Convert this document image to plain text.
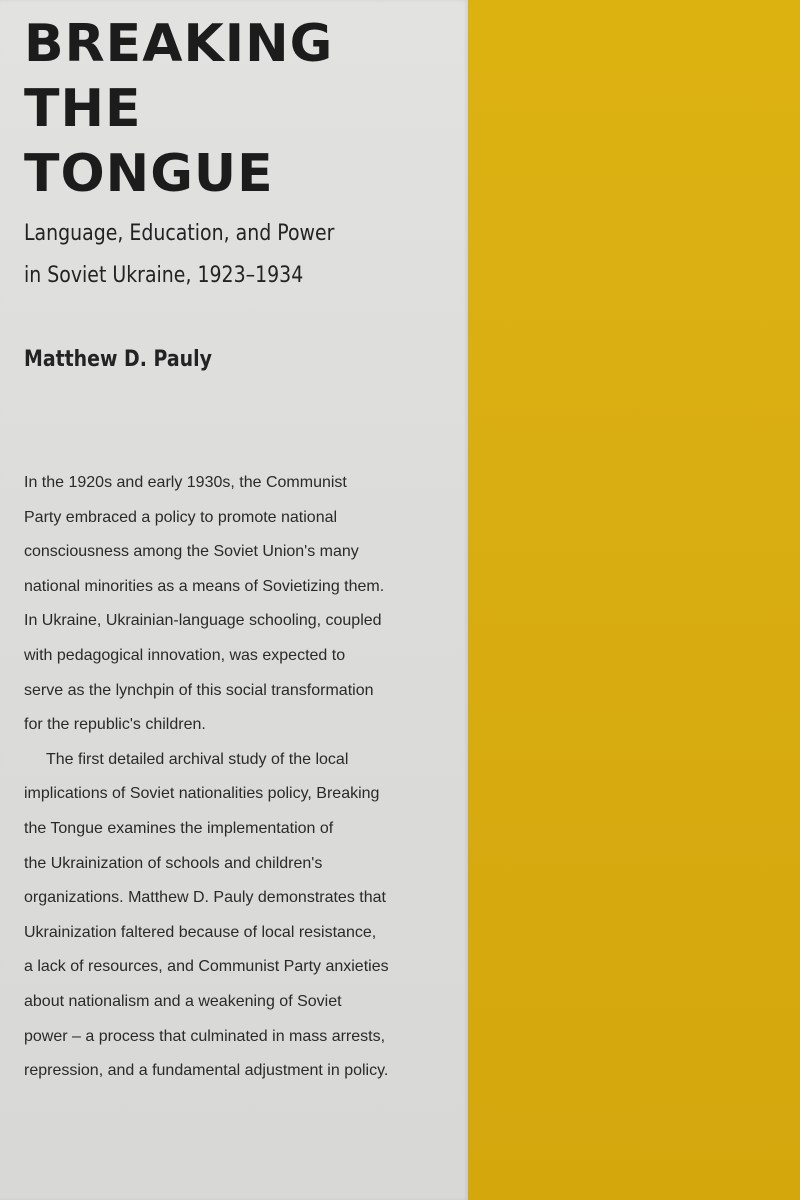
BREAKING
THE
TONGUE
Language, Education, and Power
in Soviet Ukraine, 1923–1934
Matthew D. Pauly
In the 1920s and early 1930s, the Communist
Party embraced a policy to promote national
consciousness among the Soviet Union's many
national minorities as a means of Sovietizing them.
In Ukraine, Ukrainian-language schooling, coupled
with pedagogical innovation, was expected to
serve as the lynchpin of this social transformation
for the republic's children.
The first detailed archival study of the local
implications of Soviet nationalities policy, Breaking
the Tongue examines the implementation of
the Ukrainization of schools and children's
organizations. Matthew D. Pauly demonstrates that
Ukrainization faltered because of local resistance,
a lack of resources, and Communist Party anxieties
about nationalism and a weakening of Soviet
power – a process that culminated in mass arrests,
repression, and a fundamental adjustment in policy.
